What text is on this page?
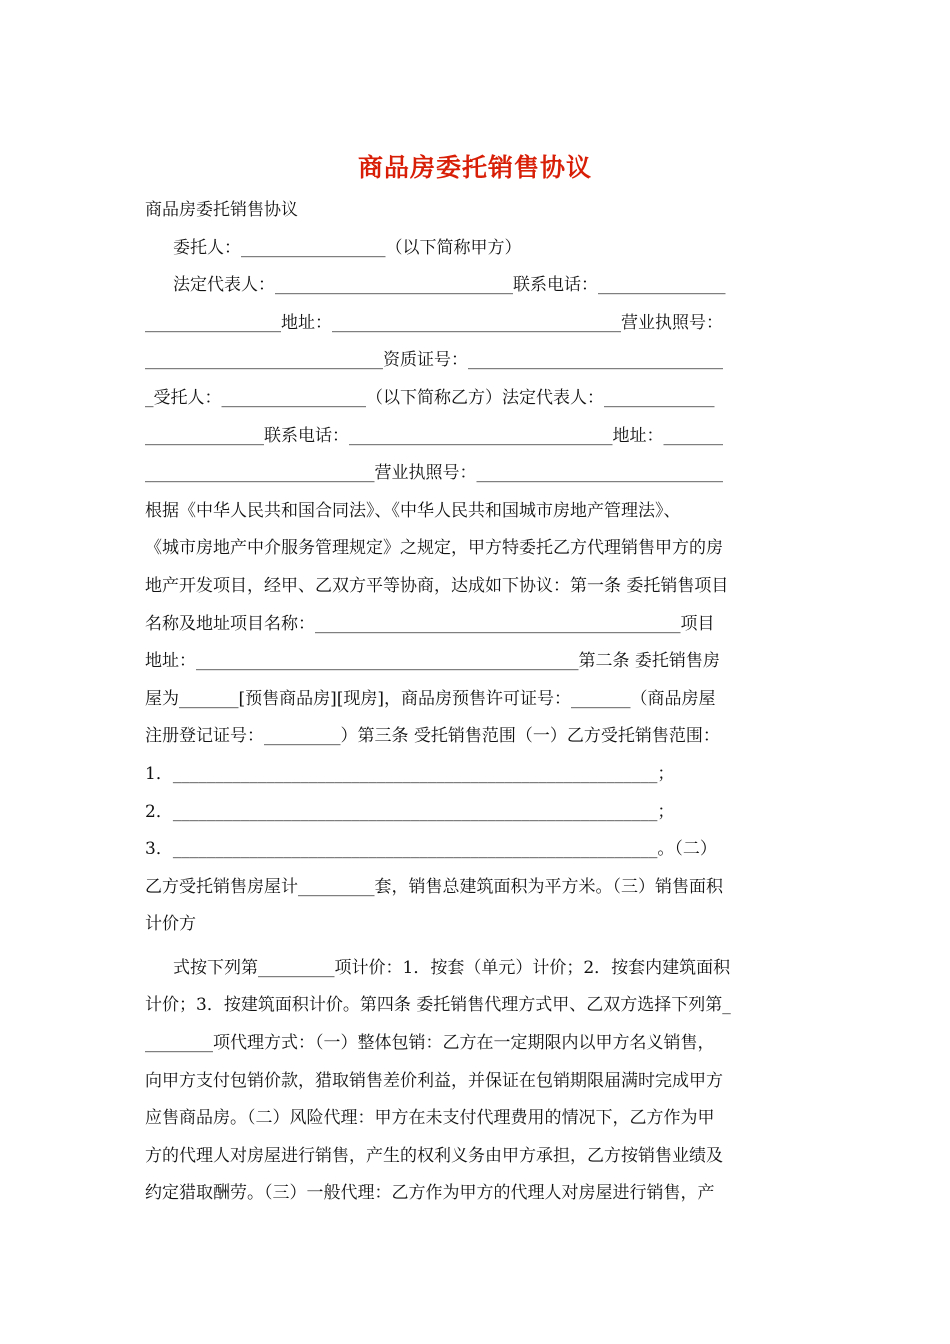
商品房委托销售协议
商品房委托销售协议
委托人：_________________（以下简称甲方）
法定代表人：____________________________联系电话：_______________
________________地址：__________________________________营业执照号：
____________________________资质证号：______________________________
_受托人：_________________（以下简称乙方）法定代表人：_____________
______________联系电话：_______________________________地址：_______
___________________________营业执照号：_____________________________
根据《中华人民共和国合同法》、《中华人民共和国城市房地产管理法》、
《城市房地产中介服务管理规定》之规定，甲方特委托乙方代理销售甲方的房
地产开发项目，经甲、乙双方平等协商，达成如下协议：第一条 委托销售项目
名称及地址项目名称：___________________________________________项目
地址：_____________________________________________第二条 委托销售房
屋为_______[预售商品房][现房]，商品房预售许可证号：_______（商品房屋
注册登记证号：_________）第三条 受托销售范围（一）乙方受托销售范围：
1．_________________________________________________________；
2．_________________________________________________________；
3．_________________________________________________________。（二）
乙方受托销售房屋计_________套，销售总建筑面积为平方米。（三）销售面积
计价方
式按下列第_________项计价：1．按套（单元）计价；2．按套内建筑面积
计价；3．按建筑面积计价。第四条 委托销售代理方式甲、乙双方选择下列第_
________项代理方式：（一）整体包销：乙方在一定期限内以甲方名义销售，
向甲方支付包销价款，猎取销售差价利益，并保证在包销期限届满时完成甲方
应售商品房。（二）风险代理：甲方在未支付代理费用的情况下，乙方作为甲
方的代理人对房屋进行销售，产生的权利义务由甲方承担，乙方按销售业绩及
约定猎取酬劳。（三）一般代理：乙方作为甲方的代理人对房屋进行销售，产
